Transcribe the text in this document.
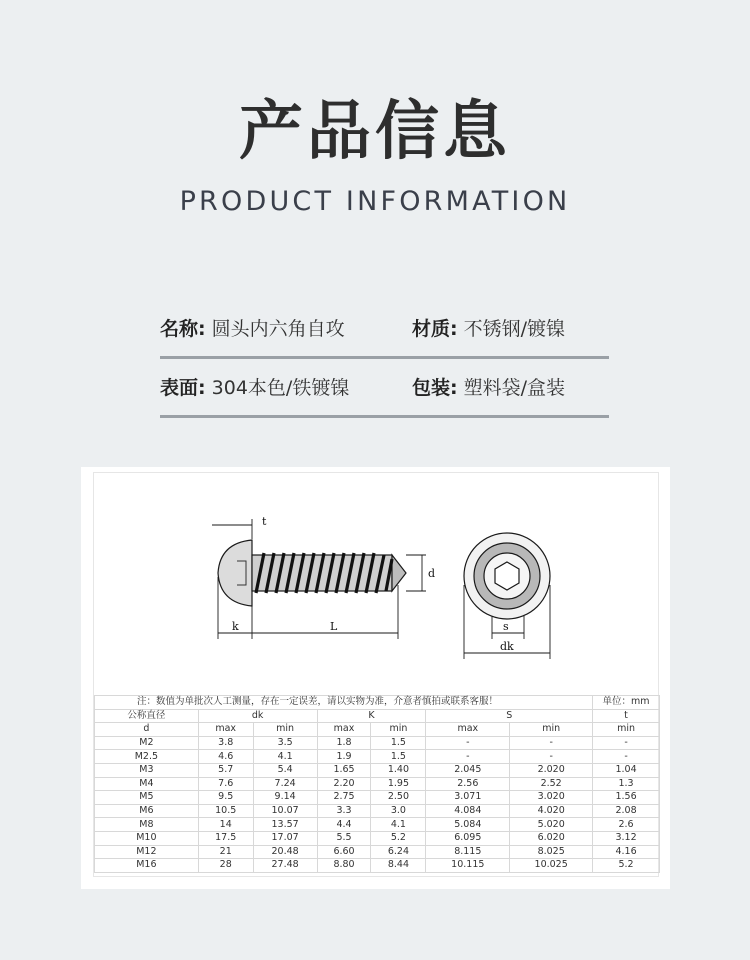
产品信息
PRODUCT INFORMATION
名称: 圆头内六角自攻	材质: 不锈钢/镀镍
表面: 304本色/铁镀镍	包装: 塑料袋/盒装
t
d
k	L	s
dk
注：数值为单批次人工测量，存在一定误差，请以实物为准，介意者慎拍或联系客服！							单位：mm
公称直径	dk		K		S		t
d	max	min	max	min	max	min	min
M2	3.8	3.5	1.8	1.5	-	-	-
M2.5	4.6	4.1	1.9	1.5	-	-	-
M3	5.7	5.4	1.65	1.40	2.045	2.020	1.04
M4	7.6	7.24	2.20	1.95	2.56	2.52	1.3
M5	9.5	9.14	2.75	2.50	3.071	3.020	1.56
M6	10.5	10.07	3.3	3.0	4.084	4.020	2.08
M8	14	13.57	4.4	4.1	5.084	5.020	2.6
M10	17.5	17.07	5.5	5.2	6.095	6.020	3.12
M12	21	20.48	6.60	6.24	8.115	8.025	4.16
M16	28	27.48	8.80	8.44	10.115	10.025	5.2
